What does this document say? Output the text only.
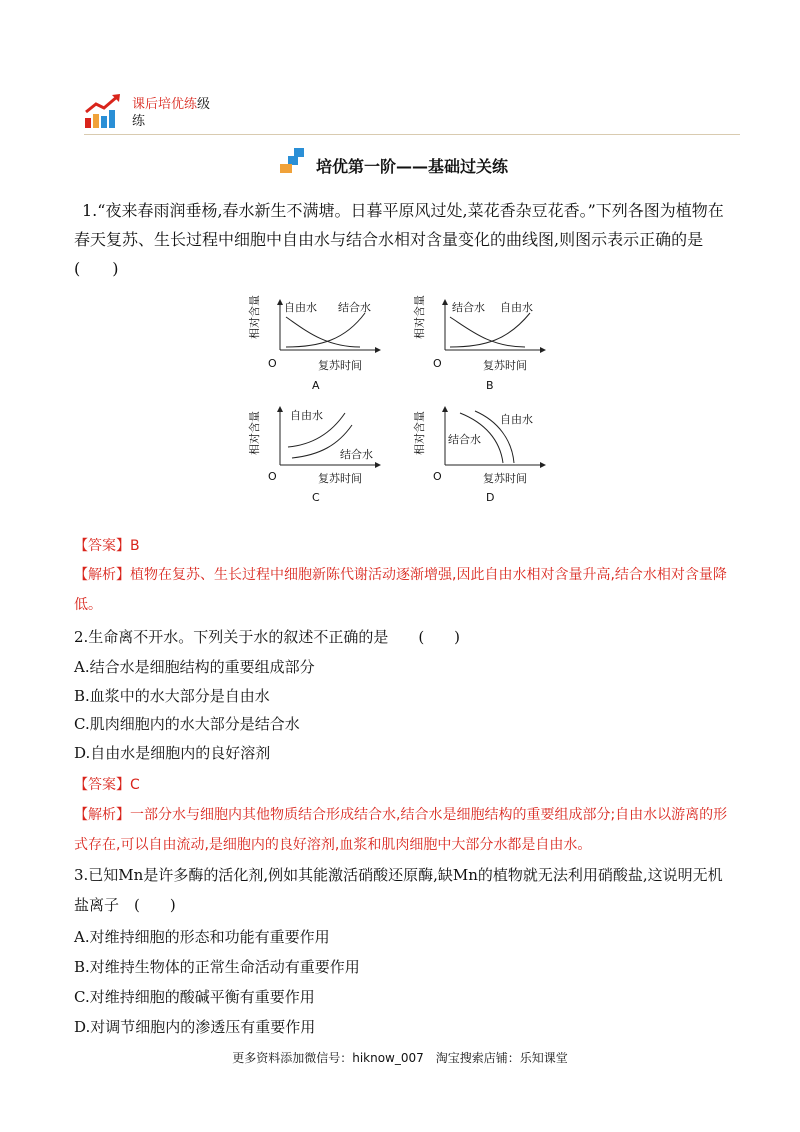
课后培优练级
练
培优第一阶——基础过关练
1.“夜来春雨润垂杨,春水新生不满塘。日暮平原风过处,菜花香杂豆花香。”下列各图为植物在春天复苏、生长过程中细胞中自由水与结合水相对含量变化的曲线图,则图示表示正确的是 (　　)
相对含量
O	复苏时间
自由水 结合水
A
相对含量
O	复苏时间
结合水 自由水
B
相对含量
O	复苏时间
自由水
结合水
C
相对含量
O	复苏时间
结合水
自由水
D
【答案】B
【解析】植物在复苏、生长过程中细胞新陈代谢活动逐渐增强,因此自由水相对含量升高,结合水相对含量降低。
2.生命离不开水。下列关于水的叙述不正确的是　　(　　)
A.结合水是细胞结构的重要组成部分
B.血浆中的水大部分是自由水
C.肌肉细胞内的水大部分是结合水
D.自由水是细胞内的良好溶剂
【答案】C
【解析】一部分水与细胞内其他物质结合形成结合水,结合水是细胞结构的重要组成部分;自由水以游离的形式存在,可以自由流动,是细胞内的良好溶剂,血浆和肌肉细胞中大部分水都是自由水。
3.已知Mn是许多酶的活化剂,例如其能激活硝酸还原酶,缺Mn的植物就无法利用硝酸盐,这说明无机盐离子　(　　)
A.对维持细胞的形态和功能有重要作用
B.对维持生物体的正常生命活动有重要作用
C.对维持细胞的酸碱平衡有重要作用
D.对调节细胞内的渗透压有重要作用
更多资料添加微信号：hiknow_007　淘宝搜索店铺：乐知课堂
